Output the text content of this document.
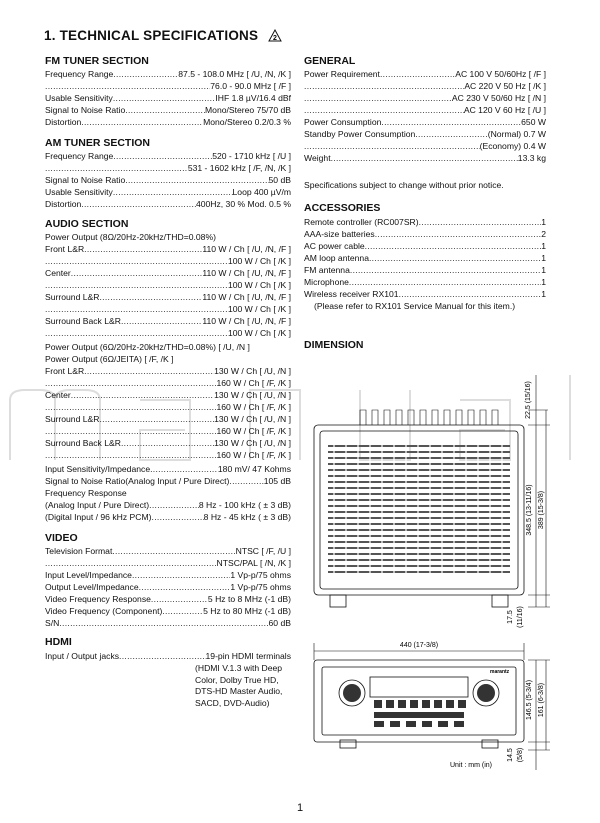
1. TECHNICAL SPECIFICATIONS 2
FM TUNER SECTION
Frequency Range .....	87.5 - 108.0 MHz [ /U, /N, /K ]
.....
76.0 - 90.0 MHz [ /F ]
Usable Sensitivity .....	IHF 1.8 µV/16.4 dBf
Signal to Noise Ratio .....	Mono/Stereo 75/70 dB
Distortion .....	Mono/Stereo 0.2/0.3 %
AM TUNER SECTION
Frequency Range .....	520 - 1710 kHz [ /U ]
.....
531 - 1602 kHz [ /F, /N, /K ]
Signal to Noise Ratio .....	50 dB
Usable Sensitivity .....	Loop 400 µV/m
Distortion .....	400Hz, 30 % Mod. 0.5 %
AUDIO SECTION
Power Output (8Ω/20Hz-20kHz/THD=0.08%)
Front L&R .....	110 W / Ch [ /U, /N, /F ]
.....
100 W / Ch [ /K ]
Center .....	110 W / Ch [ /U, /N, /F ]
.....
100 W / Ch [ /K ]
Surround L&R .....	110 W / Ch [ /U, /N, /F ]
.....
100 W / Ch [ /K ]
Surround Back L&R .....	110 W / Ch [ /U, /N, /F ]
.....
100 W / Ch [ /K ]
Power Output (6Ω/20Hz-20kHz/THD=0.08%) [ /U, /N ]
Power Output (6Ω/JEITA) [ /F, /K ]
Front L&R .....	130 W / Ch [ /U, /N ]
.....
160 W / Ch [ /F, /K ]
Center .....	130 W / Ch [ /U, /N ]
.....
160 W / Ch [ /F, /K ]
Surround L&R .....	130 W / Ch [ /U, /N ]
.....
160 W / Ch [ /F, /K ]
Surround Back L&R .....	130 W / Ch [ /U, /N ]
.....
160 W / Ch [ /F, /K ]
Input Sensitivity/Impedance .....	180 mV/ 47 Kohms
Signal to Noise Ratio(Analog Input / Pure Direct) .....	105 dB
Frequency Response
(Analog Input / Pure Direct) .....	8 Hz - 100 kHz ( ± 3 dB)
(Digital Input / 96 kHz PCM) .....	8 Hz - 45 kHz ( ± 3 dB)
VIDEO
Television Format .....	NTSC [ /F, /U ]
.....
NTSC/PAL [ /N, /K ]
Input Level/Impedance .....	1 Vp-p/75 ohms
Output Level/Impedance .....	1 Vp-p/75 ohms
Video Frequency Response .....	5 Hz to 8 MHz (-1 dB)
Video Frequency (Component) .....	5 Hz to 80 MHz (-1 dB)
S/N .....	60 dB
HDMI
Input / Output jacks .....	19-pin HDMI terminals
(HDMI V.1.3 with Deep
Color, Dolby True HD,
DTS-HD Master Audio,
SACD, DVD-Audio)
GENERAL
Power Requirement .....	AC 100 V 50/60Hz [ /F ]
.....
AC 220 V 50 Hz [ /K ]
.....
AC 230 V 50/60 Hz [ /N ]
.....
AC 120 V 60 Hz [ /U ]
Power Consumption .....	650 W
Standby Power Consumption .....	(Normal) 0.7 W
.....
(Economy) 0.4 W
Weight .....	13.3 kg
Specifications subject to change without prior notice.
ACCESSORIES
Remote controller (RC007SR) .....	1
AAA-size batteries .....	2
AC power cable .....	1
AM loop antenna .....	1
FM antenna .....	1
Microphone .....	1
Wireless receiver RX101 .....	1
(Please refer to RX101 Service Manual for this item.)
DIMENSION
22.5 (15/16)
348.5 (13-11/16) 389 (15-3/8)
17.5 (11/16)
440 (17-3/8)
marantz
146.5 (5-3/4) 161 (6-3/8)
14.5 (5/8)
Unit : mm (in)
1
